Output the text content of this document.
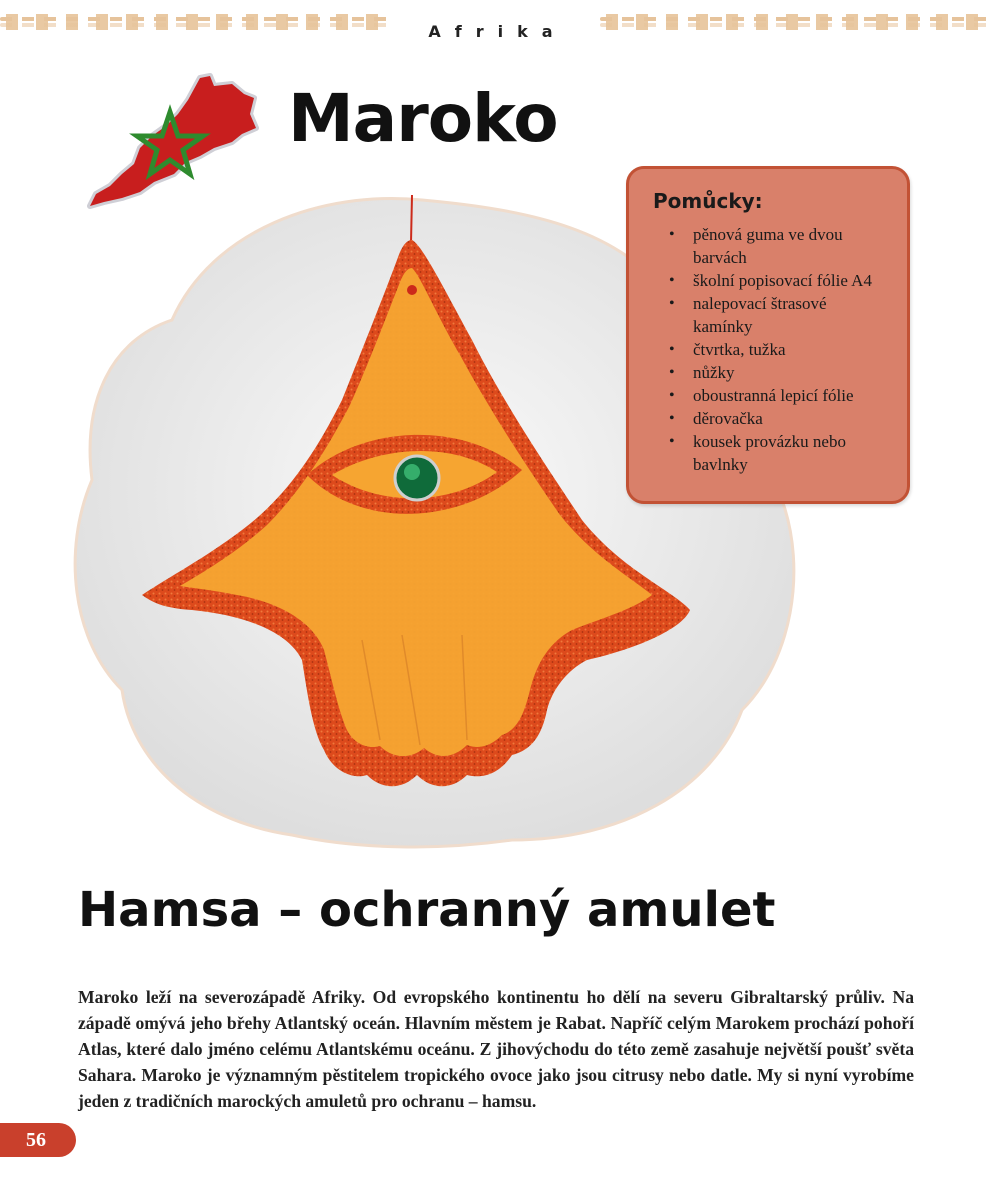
Afrika
Maroko
Pomůcky:
• pěnová guma ve dvou barvách
• školní popisovací fólie A4
• nalepovací štrasové kamínky
• čtvrtka, tužka
• nůžky
• oboustranná lepicí fólie
• děrovačka
• kousek provázku nebo bavlnky
Hamsa – ochranný amulet

Maroko leží na severozápadě Afriky. Od evropského kontinentu ho dělí na severu Gibraltarský průliv. Na západě omývá jeho břehy Atlantský oceán. Hlavním městem je Rabat. Napříč celým Marokem prochází pohoří Atlas, které dalo jméno celému Atlantskému oceánu. Z jihovýchodu do této země zasahuje největší poušť světa Sahara. Maroko je významným pěstitelem tropického ovoce jako jsou citrusy nebo datle. My si nyní vyrobíme jeden z tradičních marockých amuletů pro ochranu – hamsu.

56
